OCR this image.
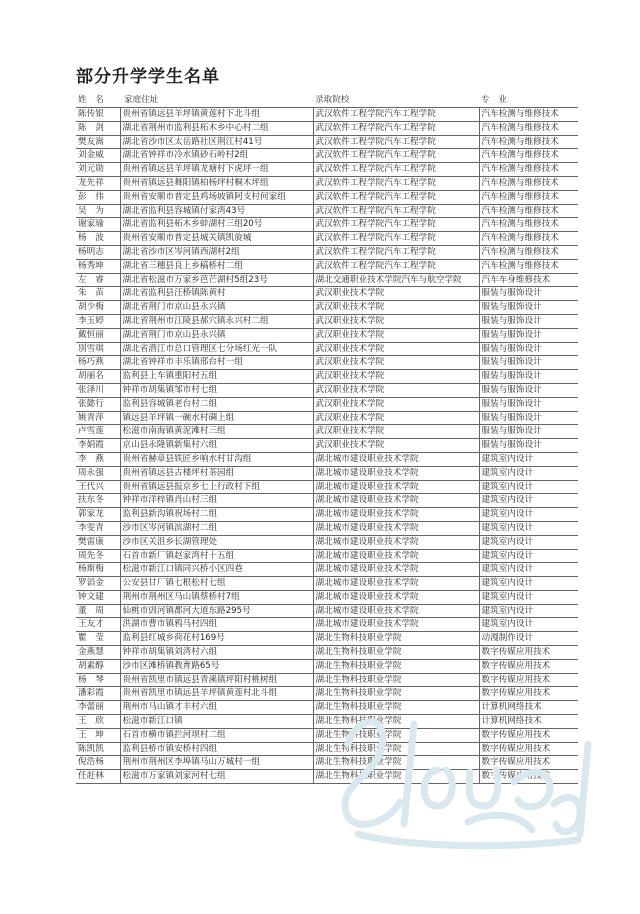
部分升学学生名单
姓　名	家庭住址	录取院校	专　业
陈传银	贵州省镇远县羊坪镇黄莲村下北斗组	武汉软件工程学院汽车工程学院	汽车检测与维修技术
陈　剑	湖北省荆州市监利县柘木乡中心村二组	武汉软件工程学院汽车工程学院	汽车检测与维修技术
樊友嵩	湖北省沙市区太岳路社区荆江村41号	武汉软件工程学院汽车工程学院	汽车检测与维修技术
刘金威	湖北省钟祥市冷水镇砂石岭村2组	武汉软件工程学院汽车工程学院	汽车检测与维修技术
刘元勋	贵州省镇远县羊坪镇龙塘村下虎坪一组	武汉软件工程学院汽车工程学院	汽车检测与维修技术
龙先祥	贵州省镇远县舞阳镇柏杨坪村桐木坪组	武汉软件工程学院汽车工程学院	汽车检测与维修技术
彭　伟	贵州省安顺市普定县鸡场坡镇阿支村何家组	武汉软件工程学院汽车工程学院	汽车检测与维修技术
吴　为	湖北省监利县容城镇付家湾43号	武汉软件工程学院汽车工程学院	汽车检测与维修技术
谢家瑜	湖北省监利县柘木乡蚌湖村三组20号	武汉软件工程学院汽车工程学院	汽车检测与维修技术
杨　波	贵州省安顺市普定县城关镇凯旋城	武汉软件工程学院汽车工程学院	汽车检测与维修技术
杨明志	湖北省沙市区岑河镇西湖村2组	武汉软件工程学院汽车工程学院	汽车检测与维修技术
杨秀坤	湖北省三穗县良上乡稿桥村二组	武汉软件工程学院汽车工程学院	汽车检测与维修技术
左　睿	湖北省松滋市万家乡芭芒湖村5组23号	湖北交通职业技术学院汽车与航空学院	汽车车身维修技术
朱　苗	湖北省监利县汪桥镇陈黄村	武汉职业技术学院	服装与服饰设计
胡少梅	湖北省荆门市京山县永兴镇	武汉职业技术学院	服装与服饰设计
李玉婷	湖北省荆州市江陵县郝穴镇永兴村二组	武汉职业技术学院	服装与服饰设计
戴恒丽	湖北省荆门市京山县永兴镇	武汉职业技术学院	服装与服饰设计
別雪琪	湖北省潜江市总口管理区七分场红光一队	武汉职业技术学院	服装与服饰设计
杨巧燕	湖北省钟祥市丰乐镇邢台村一组	武汉职业技术学院	服装与服饰设计
胡丽名	监利县上车镇重阳村五组	武汉职业技术学院	服装与服饰设计
张泽川	钟祥市胡集镇邹市村七组	武汉职业技术学院	服装与服饰设计
张懿行	监利县容城镇老台村二组	武汉职业技术学院	服装与服饰设计
姚青萍	镇远县羊坪镇一碗水村碉上组	武汉职业技术学院	服装与服饰设计
卢雪莲	松滋市南海镇黄泥滩村三组	武汉职业技术学院	服装与服饰设计
李娟霞	京山县永隆镇新集村六组	武汉职业技术学院	服装与服饰设计
李　燕	贵州省赫章县铁匠乡响水村甘沟组	湖北城市建设职业技术学院	建筑室内设计
周永强	贵州省镇远县古楼坪村茶园组	湖北城市建设职业技术学院	建筑室内设计
王代兴	贵州省镇远县报京乡七上行政村下组	湖北城市建设职业技术学院	建筑室内设计
扶东冬	钟祥市洋梓镇肖山村三组	湖北城市建设职业技术学院	建筑室内设计
郭家龙	监利县新沟镇祝场村二组	湖北城市建设职业技术学院	建筑室内设计
李雯青	沙市区岑河镇滨湖村二组	湖北城市建设职业技术学院	建筑室内设计
樊雷康	沙市区关沮乡长湖管理处	湖北城市建设职业技术学院	建筑室内设计
周先冬	石首市新厂镇赵家湾村十五组	湖北城市建设职业技术学院	建筑室内设计
杨斯梅	松滋市新江口镇同兴桥小区四巷	湖北城市建设职业技术学院	建筑室内设计
罗滔金	公安县甘厂镇七根松村七组	湖北城市建设职业技术学院	建筑室内设计
钟文建	荆州市荆州区马山镇蔡桥村7组	湖北城市建设职业技术学院	建筑室内设计
董　周	仙桃市剅河镇都河大道东路295号	湖北城市建设职业技术学院	建筑室内设计
王友才	洪湖市曹市镇鸦马村四组	湖北城市建设职业技术学院	建筑室内设计
瞿　莹	监利县红城乡荷花村169号	湖北生物科技职业学院	动漫制作设计
金燕慧	钟祥市胡集镇刘湾村六组	湖北生物科技职业学院	数字传媒应用技术
胡素醇	沙市区滩桥镇教育路65号	湖北生物科技职业学院	数字传媒应用技术
杨　琴	贵州省凯里市镇远县青溪镇坪阳村桃树组	湖北生物科技职业学院	数字传媒应用技术
潘彩霞	贵州省凯里市镇远县羊坪镇黄莲村北斗组	湖北生物科技职业学院	数字传媒应用技术
李蕾丽	荆州市马山镇才丰村六组	湖北生物科技职业学院	计算机网络技术
王　欣	松滋市新江口镇	湖北生物科技职业学院	计算机网络技术
王　坤	石首市横市镇拦河坝村二组	湖北生物科技职业学院	数字传媒应用技术
陈凯凯	监利县桥市镇安桥村四组	湖北生物科技职业学院	数字传媒应用技术
倪浩杨	荆州市荆州区李埠镇马山万城村一组	湖北生物科技职业学院	数字传媒应用技术
任赶林	松滋市万家镇刘家河村七组	湖北生物科技职业学院	数字传媒应用技术
